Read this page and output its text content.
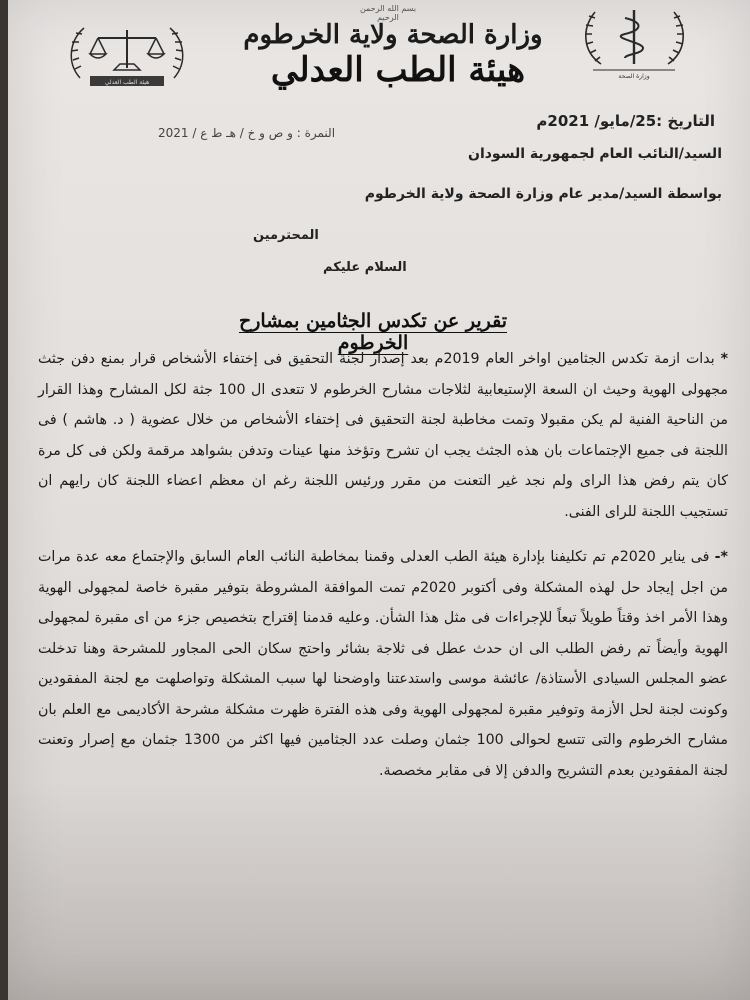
بسم الله الرحمن الرحيم
وزارة الصحة
وزارة الصحة ولاية الخرطوم
هيئة الطب العدلي
هيئة الطب العدلي
التاريخ :25/مايو/ 2021م
النمرة : و ص و خ / هـ ط ع / 2021
السيد/النائب العام لجمهورية السودان
بواسطة السيد/مدير عام وزارة الصحة ولاية الخرطوم
المحترمين
السلام عليكم
تقرير عن تكدس الجثامين بمشارح الخرطوم
* بدات ازمة تكدس الجثامين اواخر العام 2019م بعد إصدار لجنة التحقيق فى إختفاء الأشخاص قرار بمنع دفن جثث مجهولى الهوية وحيث ان السعة الإستيعابية لثلاجات مشارح الخرطوم لا تتعدى ال 100 جثة لكل المشارح وهذا القرار من الناحية الفنية لم يكن مقبولا وتمت مخاطبة لجنة التحقيق فى إختفاء الأشخاص من خلال عضوية ( د. هاشم ) فى اللجنة فى جميع الإجتماعات بان هذه الجثث يجب ان تشرح وتؤخذ منها عينات وتدفن بشواهد مرقمة ولكن فى كل مرة كان يتم رفض هذا الراى ولم نجد غير التعنت من مقرر ورئيس اللجنة رغم ان معظم اعضاء اللجنة كان رايهم ان تستجيب اللجنة للراى الفنى.
*- فى يناير 2020م تم تكليفنا بإدارة هيئة الطب العدلى وقمنا بمخاطبة النائب العام السابق والإجتماع معه عدة مرات من اجل إيجاد حل لهذه المشكلة وفى أكتوبر 2020م تمت الموافقة المشروطة بتوفير مقبرة خاصة لمجهولى الهوية وهذا الأمر اخذ وقتاً طويلاً تبعاً للإجراءات فى مثل هذا الشأن. وعليه قدمنا إقتراح بتخصيص جزء من اى مقبرة لمجهولى الهوية وأيضاً تم رفض الطلب الى ان حدث عطل فى ثلاجة بشائر واحتج سكان الحى المجاور للمشرحة وهنا تدخلت عضو المجلس السيادى الأستاذة/ عائشة موسى واستدعتنا واوضحنا لها سبب المشكلة وتواصلهت مع لجنة المفقودين وكونت لجنة لحل الأزمة وتوفير مقبرة لمجهولى الهوية وفى هذه الفترة ظهرت مشكلة مشرحة الأكاديمى مع العلم بان مشارح الخرطوم والتى تتسع لحوالى 100 جثمان وصلت عدد الجثامين فيها اكثر من 1300 جثمان مع إصرار وتعنت لجنة المفقودين بعدم التشريح والدفن إلا فى مقابر مخصصة.
